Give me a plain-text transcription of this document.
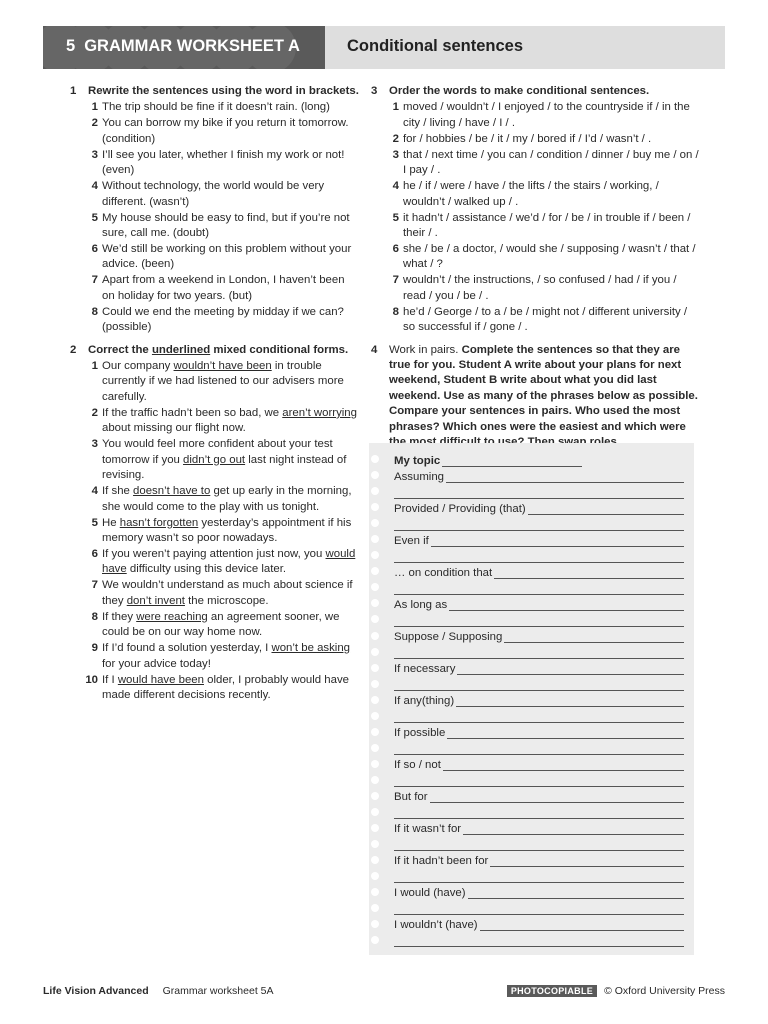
5 GRAMMAR WORKSHEET A	Conditional sentences
1 Rewrite the sentences using the word in brackets.
1 The trip should be fine if it doesn’t rain. (long)
2 You can borrow my bike if you return it tomorrow. (condition)
3 I’ll see you later, whether I finish my work or not! (even)
4 Without technology, the world would be very different. (wasn’t)
5 My house should be easy to find, but if you’re not sure, call me. (doubt)
6 We’d still be working on this problem without your advice. (been)
7 Apart from a weekend in London, I haven’t been on holiday for two years. (but)
8 Could we end the meeting by midday if we can? (possible)
2 Correct the underlined mixed conditional forms.
1 Our company wouldn’t have been in trouble currently if we had listened to our advisers more carefully.
2 If the traffic hadn’t been so bad, we aren’t worrying about missing our flight now.
3 You would feel more confident about your test tomorrow if you didn’t go out last night instead of revising.
4 If she doesn’t have to get up early in the morning, she would come to the play with us tonight.
5 He hasn’t forgotten yesterday’s appointment if his memory wasn’t so poor nowadays.
6 If you weren’t paying attention just now, you would have difficulty using this device later.
7 We wouldn’t understand as much about science if they don’t invent the microscope.
8 If they were reaching an agreement sooner, we could be on our way home now.
9 If I’d found a solution yesterday, I won’t be asking for your advice today!
10 If I would have been older, I probably would have made different decisions recently.
3 Order the words to make conditional sentences.
1 moved / wouldn’t / I enjoyed / to the countryside if / in the city / living / have / I / .
2 for / hobbies / be / it / my / bored if / I’d / wasn’t / .
3 that / next time / you can / condition / dinner / buy me / on / I pay / .
4 he / if / were / have / the lifts / the stairs / working, / wouldn’t / walked up / .
5 it hadn’t / assistance / we’d / for / be / in trouble if / been / their / .
6 she / be / a doctor, / would she / supposing / wasn’t / that / what / ?
7 wouldn’t / the instructions, / so confused / had / if you / read / you / be / .
8 he’d / George / to a / be / might not / different university / so successful if / gone / .
4 Work in pairs. Complete the sentences so that they are true for you. Student A write about your plans for next weekend, Student B write about what you did last weekend. Use as many of the phrases below as possible. Compare your sentences in pairs. Who used the most phrases? Which ones were the easiest and which were
My topic
Assuming
Provided / Providing (that)
Even if
… on condition that
As long as
Suppose / Supposing
If necessary
If any(thing)
If possible
If so / not
But for
If it wasn’t for
If it hadn’t been for
I would (have)
I wouldn’t (have)
Life Vision Advanced Grammar worksheet 5A	PHOTOCOPIABLE	© Oxford University Press
